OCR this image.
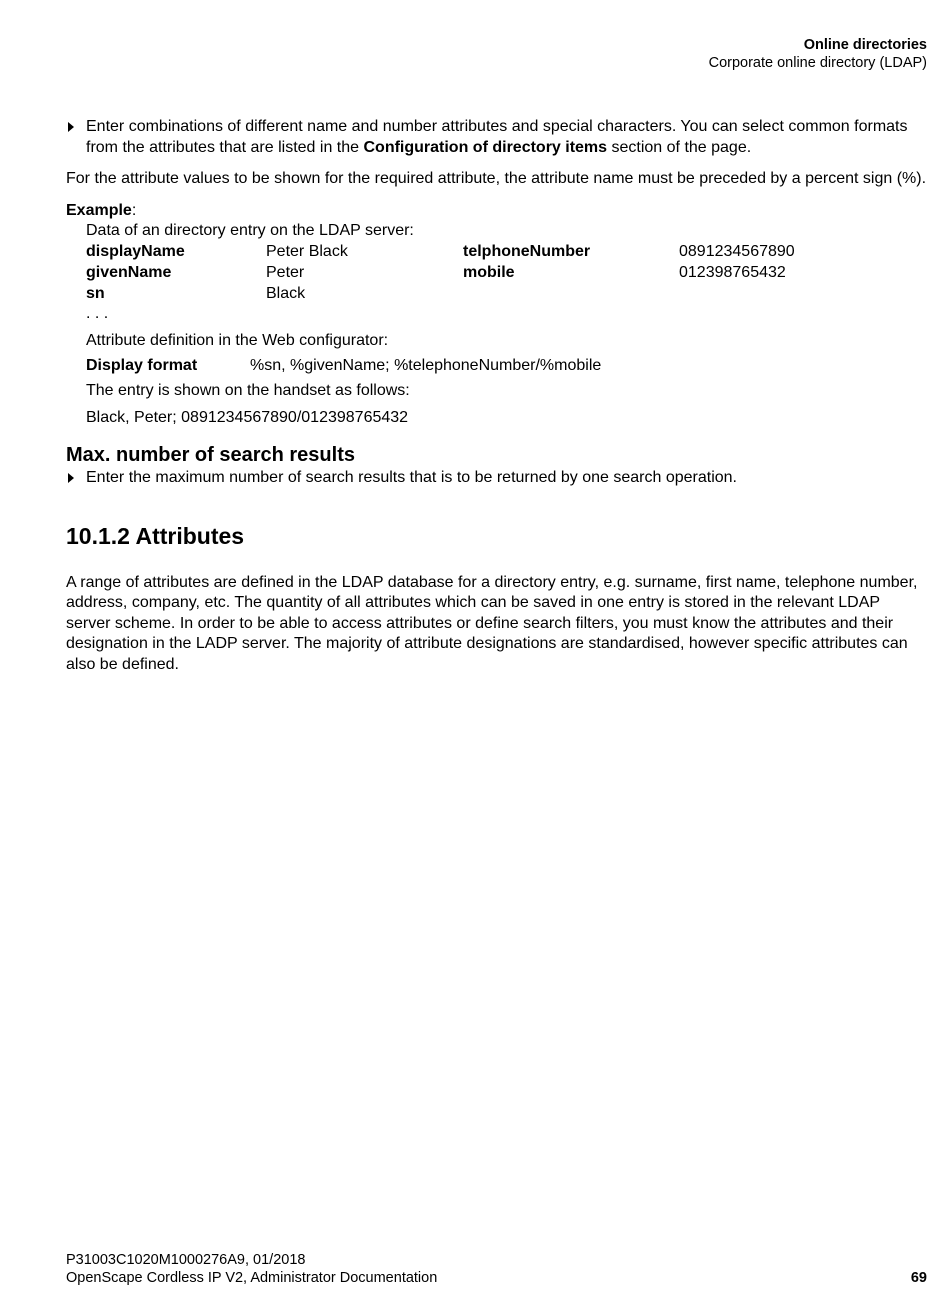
Online directories
Corporate online directory (LDAP)
Enter combinations of different name and number attributes and special characters. You can select common formats from the attributes that are listed in the Configuration of directory items section of the page.

For the attribute values to be shown for the required attribute, the attribute name must be preceded by a percent sign (%).

Example:
Data of an directory entry on the LDAP server:
displayName	Peter Black	telphoneNumber	0891234567890
givenName	Peter	mobile	012398765432
sn	Black
. . .
Attribute definition in the Web configurator:
Display format	%sn, %givenName; %telephoneNumber/%mobile
The entry is shown on the handset as follows:
Black, Peter; 0891234567890/012398765432
Max. number of search results
Enter the maximum number of search results that is to be returned by one search operation.
10.1.2 Attributes

A range of attributes are defined in the LDAP database for a directory entry, e.g. surname, first name, telephone number, address, company, etc. The quantity of all attributes which can be saved in one entry is stored in the relevant LDAP server scheme. In order to be able to access attributes or define search filters, you must know the attributes and their designation in the LADP server. The majority of attribute designations are standardised, however specific attributes can also be defined.

P31003C1020M1000276A9, 01/2018
OpenScape Cordless IP V2, Administrator Documentation	69
